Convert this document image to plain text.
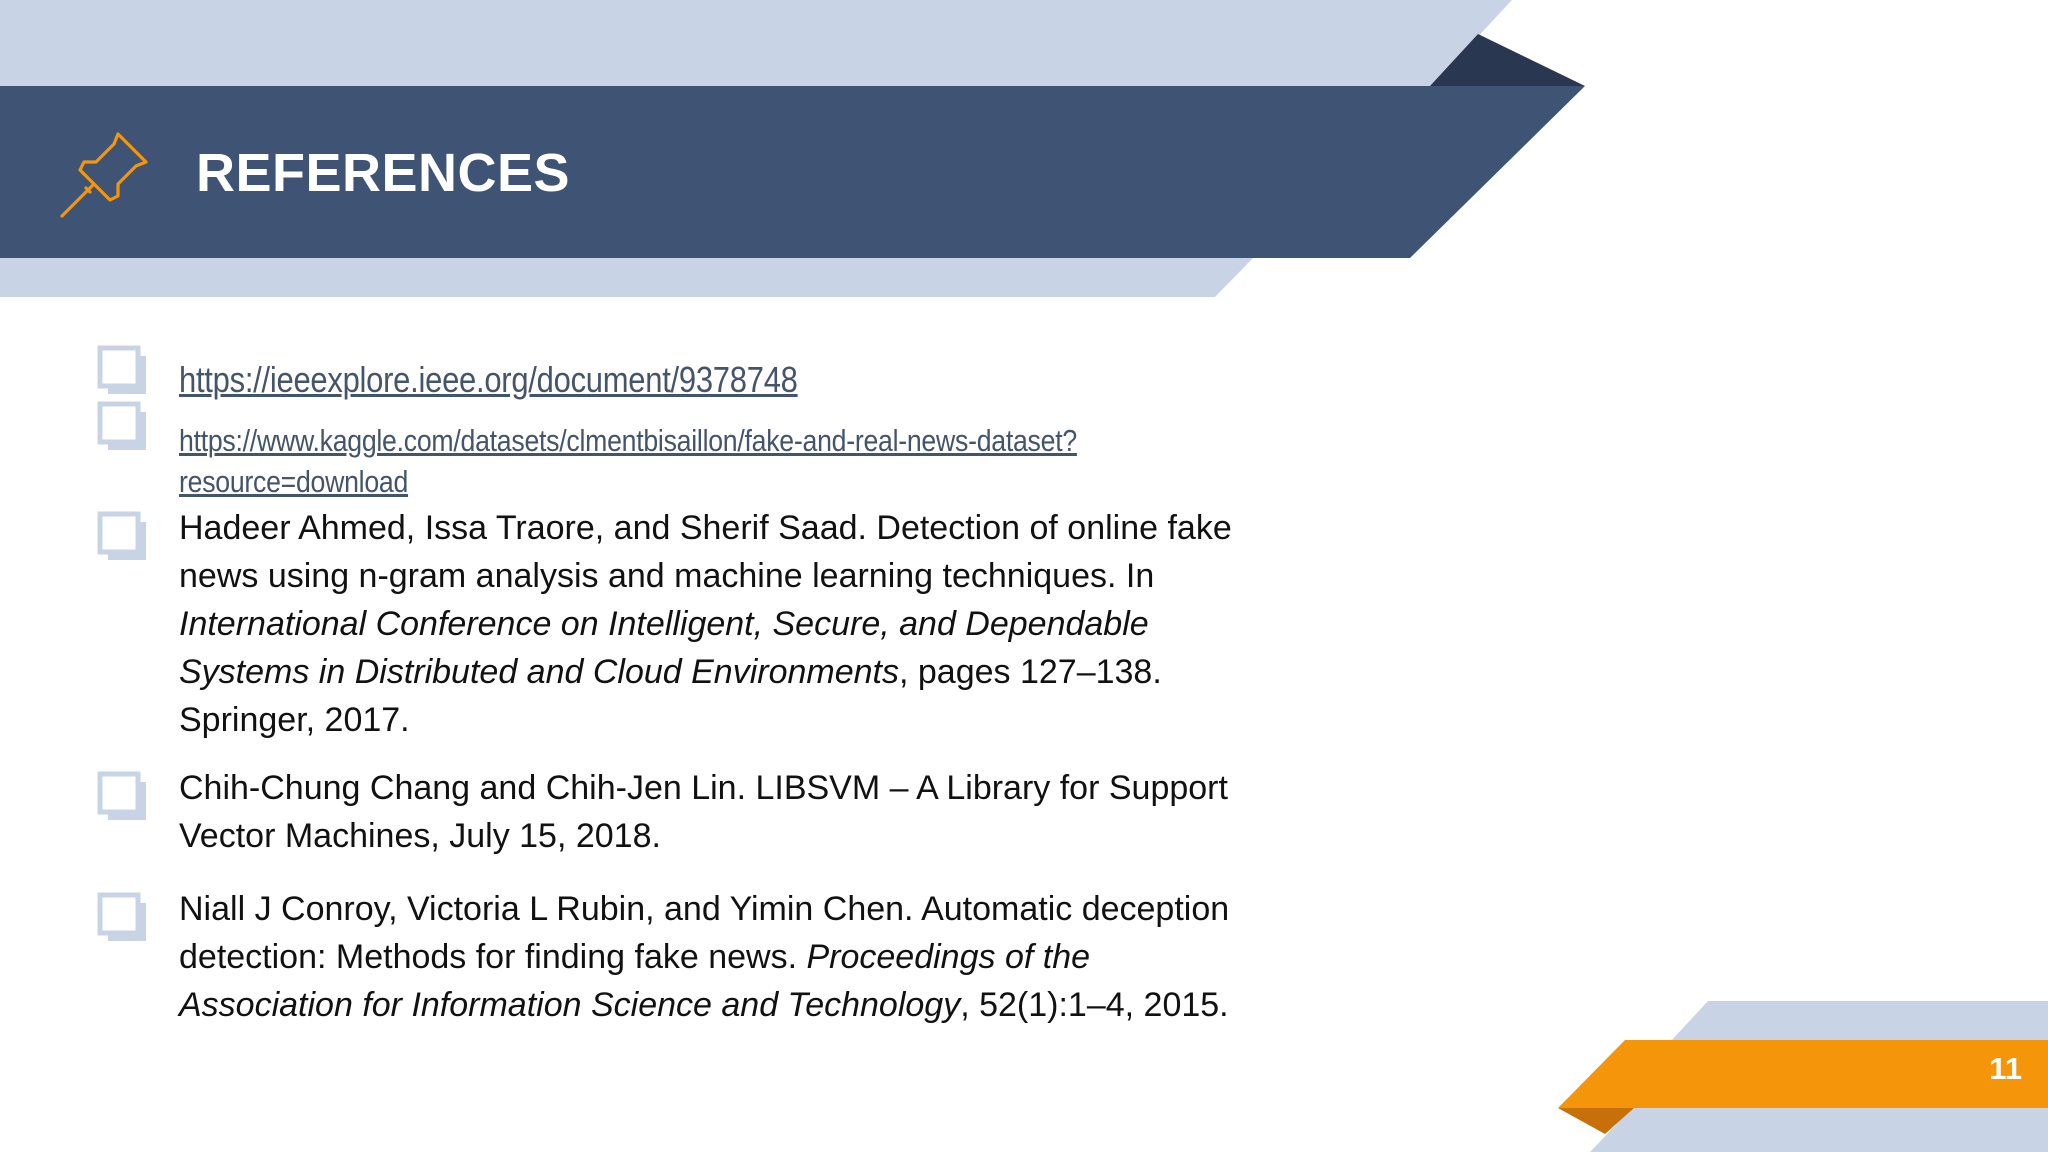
REFERENCES
https://ieeexplore.ieee.org/document/9378748
https://www.kaggle.com/datasets/clmentbisaillon/fake-and-real-news-dataset?resource=download

Hadeer Ahmed, Issa Traore, and Sherif Saad. Detection of online fake news using n-gram analysis and machine learning techniques. In International Conference on Intelligent, Secure, and Dependable Systems in Distributed and Cloud Environments, pages 127–138. Springer, 2017.

Chih-Chung Chang and Chih-Jen Lin. LIBSVM – A Library for Support Vector Machines, July 15, 2018.

Niall J Conroy, Victoria L Rubin, and Yimin Chen. Automatic deception detection: Methods for finding fake news. Proceedings of the Association for Information Science and Technology, 52(1):1–4, 2015.

11
